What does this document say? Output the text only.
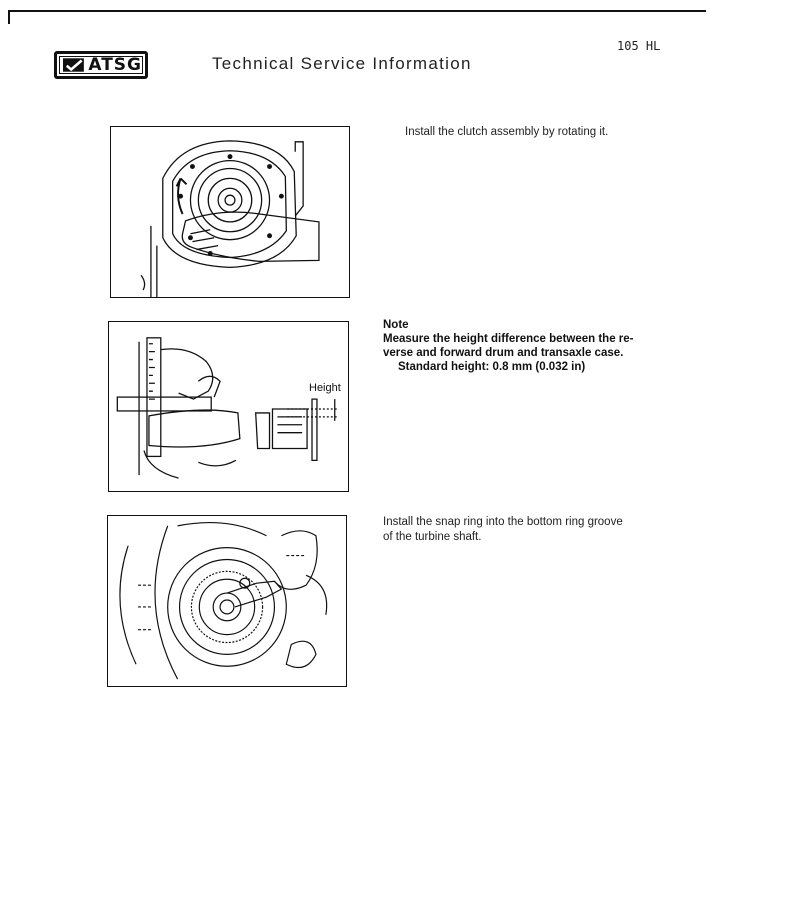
ATSG	Technical Service Information
105 HL
Install the clutch assembly by rotating it.
Height
Note
Measure the height difference between the re-
verse and forward drum and transaxle case.
Standard height: 0.8 mm (0.032 in)
Install the snap ring into the bottom ring groove
of the turbine shaft.
